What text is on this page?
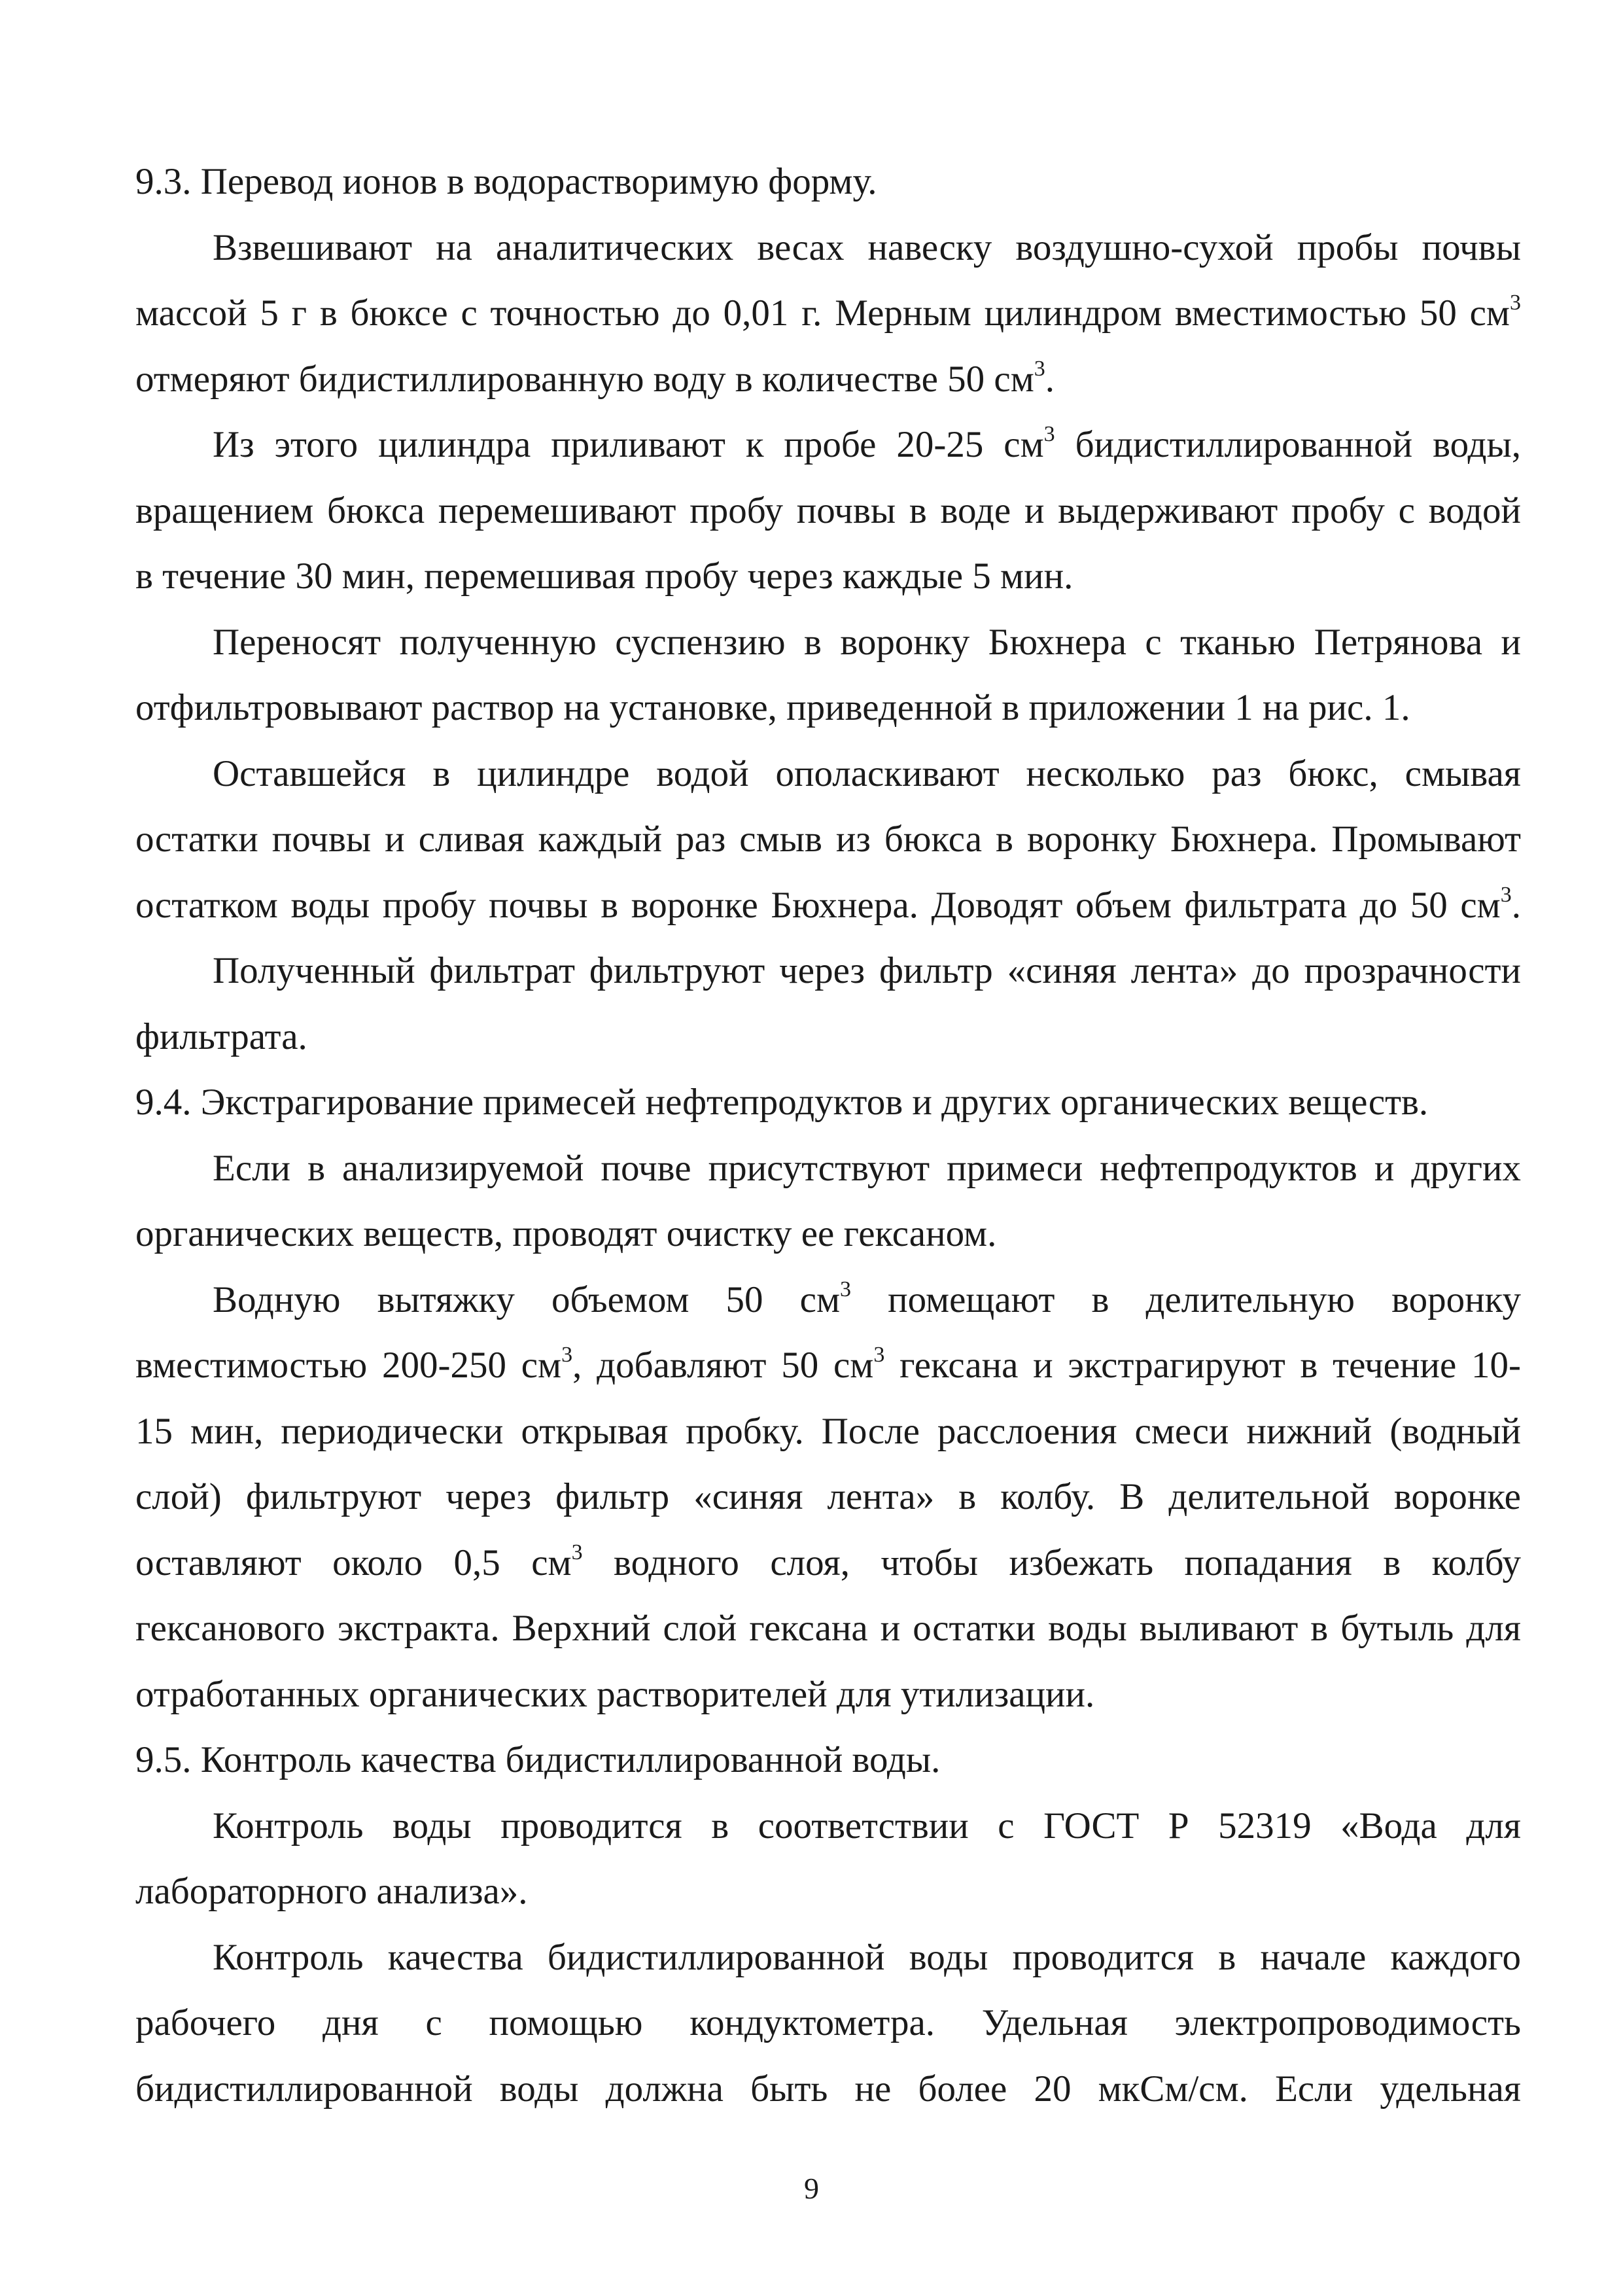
9.3. Перевод ионов в водорастворимую форму.
Взвешивают на аналитических весах навеску воздушно-сухой пробы почвы
массой 5 г в бюксе с точностью до 0,01 г. Мерным цилиндром вместимостью 50 $см^3$
отмеряют бидистиллированную воду в количестве 50 $см^3$.
Из этого цилиндра приливают к пробе 20-25 $см^3$ бидистиллированной воды,
вращением бюкса перемешивают пробу почвы в воде и выдерживают пробу с водой
в течение 30 мин, перемешивая пробу через каждые 5 мин.
Переносят полученную суспензию в воронку Бюхнера с тканью Петрянова и
отфильтровывают раствор на установке, приведенной в приложении 1 на рис. 1.
Оставшейся в цилиндре водой ополаскивают несколько раз бюкс, смывая
остатки почвы и сливая каждый раз смыв из бюкса в воронку Бюхнера. Промывают
остатком воды пробу почвы в воронке Бюхнера. Доводят объем фильтрата до 50 $см^3$.
Полученный фильтрат фильтруют через фильтр «синяя лента» до прозрачности
фильтрата.
9.4. Экстрагирование примесей нефтепродуктов и других органических веществ.
Если в анализируемой почве присутствуют примеси нефтепродуктов и других
органических веществ, проводят очистку ее гексаном.
Водную вытяжку объемом 50 $см^3$ помещают в делительную воронку
вместимостью 200-250 $см^3$, добавляют 50 $см^3$ гексана и экстрагируют в течение 10-
15 мин, периодически открывая пробку. После расслоения смеси нижний (водный
слой) фильтруют через фильтр «синяя лента» в колбу. В делительной воронке
оставляют около 0,5 $см^3$ водного слоя, чтобы избежать попадания в колбу
гексанового экстракта. Верхний слой гексана и остатки воды выливают в бутыль для
отработанных органических растворителей для утилизации.
9.5. Контроль качества бидистиллированной воды.
Контроль воды проводится в соответствии с ГОСТ Р 52319 «Вода для
лабораторного анализа».
Контроль качества бидистиллированной воды проводится в начале каждого
рабочего дня с помощью кондуктометра. Удельная электропроводимость
бидистиллированной воды должна быть не более 20 мкСм/см. Если удельная
9
